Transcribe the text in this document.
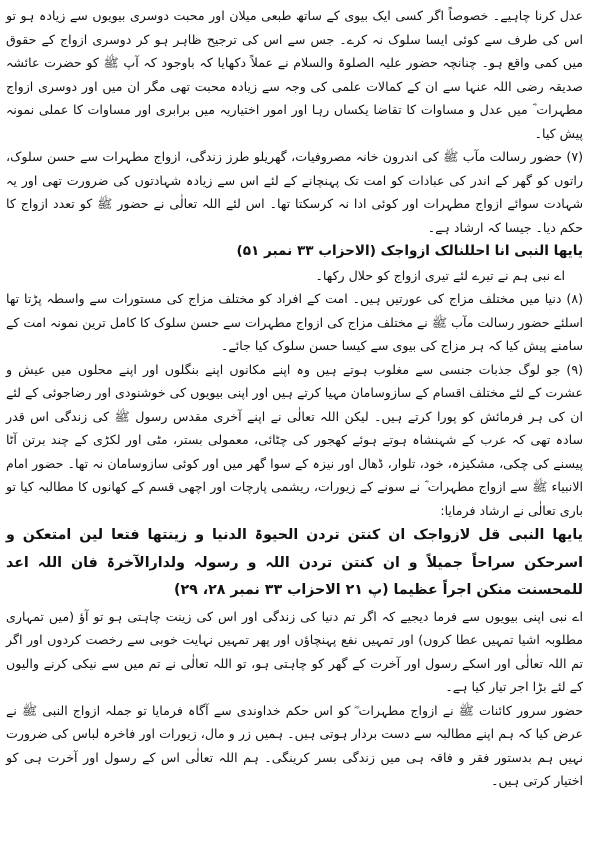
عدل کرنا چاہیے۔ خصوصاً اگر کسی ایک بیوی کے ساتھ طبعی میلان اور محبت دوسری بیویوں سے زیادہ ہو تو اس کی طرف سے کوئی ایسا سلوک نہ کرے۔ جس سے اس کی ترجیح ظاہر ہو کر دوسری ازواج کے حقوق میں کمی واقع ہو۔ چنانچہ حضور علیہ الصلوۃ والسلام نے عملاً دکھایا کہ باوجود کہ آپ ﷺ کو حضرت عائشہ صدیقہ رضی اللہ عنہا سے ان کے کمالات علمی کی وجہ سے زیادہ محبت تھی مگر ان میں اور دوسری ازواج مطہرات ؓ میں عدل و مساوات کا تقاضا یکساں رہا اور امور اختیاریہ میں برابری اور مساوات کا عملی نمونہ پیش کیا۔

(۷) حضور رسالت مآب ﷺ کی اندرون خانہ مصروفیات، گھریلو طرز زندگی، ازواج مطہرات سے حسن سلوک، راتوں کو گھر کے اندر کی عبادات کو امت تک پہنچانے کے لئے اس سے زیادہ شہادتوں کی ضرورت تھی اور یہ شہادت سوائے ازواج مطہرات اور کوئی ادا نہ کرسکتا تھا۔ اس لئے اللہ تعالٰی نے حضور ﷺ کو تعدد ازواج کا حکم دیا۔ جیسا کہ ارشاد ہے۔

یایھا النبی انا احللنالک ازواجک (الاحزاب ۳۳ نمبر ۵۱)

اے نبی ہم نے تیرے لئے تیری ازواج کو حلال رکھا۔

(۸) دنیا میں مختلف مزاج کی عورتیں ہیں۔ امت کے افراد کو مختلف مزاج کی مستورات سے واسطہ پڑتا تھا اسلئے حضور رسالت مآب ﷺ نے مختلف مزاج کی ازواج مطہرات سے حسن سلوک کا کامل ترین نمونہ امت کے سامنے پیش کیا کہ ہر مزاج کی بیوی سے کیسا حسن سلوک کیا جائے۔

(۹) جو لوگ جذبات جنسی سے مغلوب ہوتے ہیں وہ اپنے مکانوں اپنے بنگلوں اور اپنے محلوں میں عیش و عشرت کے لئے مختلف اقسام کے سازوسامان مہیا کرتے ہیں اور اپنی بیویوں کی خوشنودی اور رضاجوئی کے لئے ان کی ہر فرمائش کو پورا کرتے ہیں۔ لیکن اللہ تعالٰی نے اپنے آخری مقدس رسول ﷺ کی زندگی اس قدر سادہ تھی کہ عرب کے شہنشاہ ہوتے ہوئے کھجور کی چٹائی، معمولی بستر، مٹی اور لکڑی کے چند برتن آٹا پیسنے کی چکی، مشکیزہ، خود، تلوار، ڈھال اور نیزہ کے سوا گھر میں اور کوئی سازوسامان نہ تھا۔ حضور امام الانبیاء ﷺ سے ازواج مطہرات ؓ نے سونے کے زیورات، ریشمی پارچات اور اچھی قسم کے کھانوں کا مطالبہ کیا تو باری تعالٰی نے ارشاد فرمایا:

یایھا النبی قل لازواجک ان کنتن تردن الحیوۃ الدنیا و زینتھا فتعا لین امتعکن و اسرحکن سراحاً جمیلاً و ان کنتن تردن اللہ و رسولہ ولدارالآخرۃ فان اللہ اعد للمحسنت منکن اجراً عظیما (پ ۲۱ الاحزاب ۳۳ نمبر ۲۸، ۲۹)

اے نبی اپنی بیویوں سے فرما دیجیے کہ اگر تم دنیا کی زندگی اور اس کی زینت چاہتی ہو تو آؤ (میں تمہاری مطلوبہ اشیا تمہیں عطا کروں) اور تمہیں نفع پہنچاؤں اور پھر تمہیں نہایت خوبی سے رخصت کردوں اور اگر تم اللہ تعالٰی اور اسکے رسول اور آخرت کے گھر کو چاہتی ہو، تو اللہ تعالٰی نے تم میں سے نیکی کرنے والیوں کے لئے بڑا اجر تیار کیا ہے۔

حضور سرور کائنات ﷺ نے ازواج مطہرات ؓ کو اس حکم خداوندی سے آگاہ فرمایا تو جملہ ازواج النبی ﷺ نے عرض کیا کہ ہم اپنے مطالبہ سے دست بردار ہوتی ہیں۔ ہمیں زر و مال، زیورات اور فاخرہ لباس کی ضرورت نہیں ہم بدستور فقر و فاقہ ہی میں زندگی بسر کرینگی۔ ہم اللہ تعالٰی اس کے رسول اور آخرت ہی کو اختیار کرتی ہیں۔
